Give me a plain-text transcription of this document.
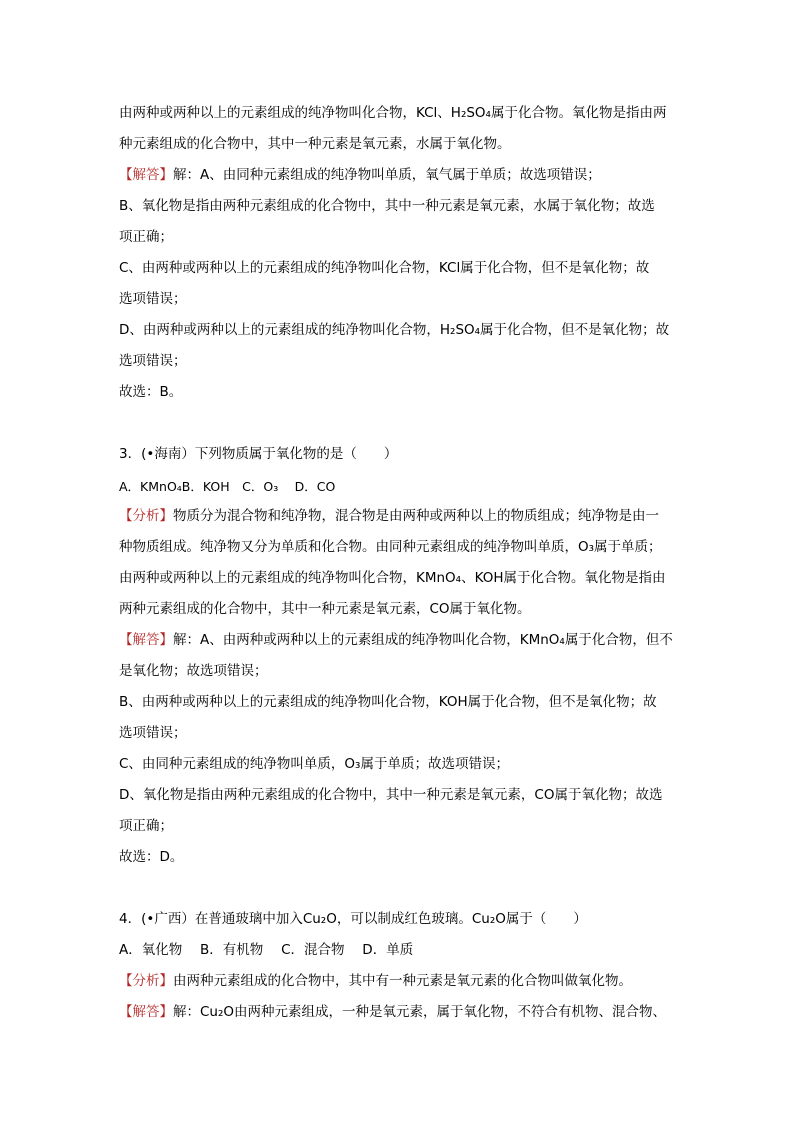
由两种或两种以上的元素组成的纯净物叫化合物，KCl、H₂SO₄属于化合物。氧化物是指由两
种元素组成的化合物中，其中一种元素是氧元素，水属于氧化物。
【解答】解：A、由同种元素组成的纯净物叫单质，氧气属于单质；故选项错误；
B、氧化物是指由两种元素组成的化合物中，其中一种元素是氧元素，水属于氧化物；故选
项正确；
C、由两种或两种以上的元素组成的纯净物叫化合物，KCl属于化合物，但不是氧化物；故
选项错误；
D、由两种或两种以上的元素组成的纯净物叫化合物，H₂SO₄属于化合物，但不是氧化物；故
选项错误；
故选：B。
3．(•海南）下列物质属于氧化物的是（　　）
A．KMnO₄B．KOH　C．O₃　 D．CO
【分析】物质分为混合物和纯净物，混合物是由两种或两种以上的物质组成；纯净物是由一
种物质组成。纯净物又分为单质和化合物。由同种元素组成的纯净物叫单质，O₃属于单质；
由两种或两种以上的元素组成的纯净物叫化合物，KMnO₄、KOH属于化合物。氧化物是指由
两种元素组成的化合物中，其中一种元素是氧元素，CO属于氧化物。
【解答】解：A、由两种或两种以上的元素组成的纯净物叫化合物，KMnO₄属于化合物，但不
是氧化物；故选项错误；
B、由两种或两种以上的元素组成的纯净物叫化合物，KOH属于化合物，但不是氧化物；故
选项错误；
C、由同种元素组成的纯净物叫单质，O₃属于单质；故选项错误；
D、氧化物是指由两种元素组成的化合物中，其中一种元素是氧元素，CO属于氧化物；故选
项正确；
故选：D。
4．(•广西）在普通玻璃中加入Cu₂O，可以制成红色玻璃。Cu₂O属于（　　）
A．氧化物　 B．有机物　 C．混合物　 D．单质
【分析】由两种元素组成的化合物中，其中有一种元素是氧元素的化合物叫做氧化物。
【解答】解：Cu₂O由两种元素组成，一种是氧元素，属于氧化物，不符合有机物、混合物、
